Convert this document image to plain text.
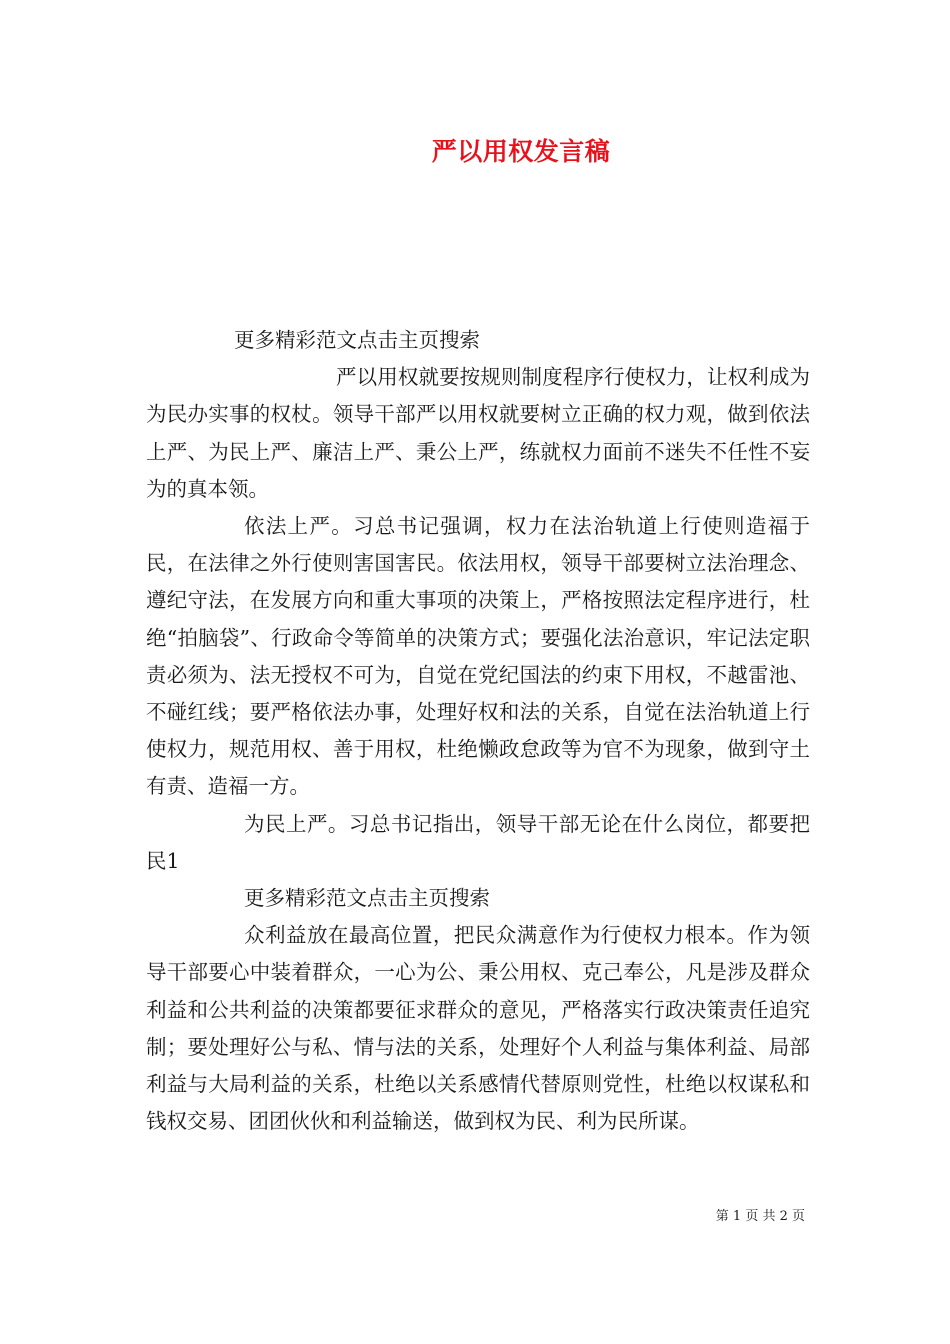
严以用权发言稿

更多精彩范文点击主页搜索

严以用权就要按规则制度程序行使权力，让权利成为为民办实事的权杖。领导干部严以用权就要树立正确的权力观，做到依法上严、为民上严、廉洁上严、秉公上严，练就权力面前不迷失不任性不妄为的真本领。

依法上严。习总书记强调，权力在法治轨道上行使则造福于民，在法律之外行使则害国害民。依法用权，领导干部要树立法治理念、遵纪守法，在发展方向和重大事项的决策上，严格按照法定程序进行，杜绝“拍脑袋”、行政命令等简单的决策方式；要强化法治意识，牢记法定职责必须为、法无授权不可为，自觉在党纪国法的约束下用权，不越雷池、不碰红线；要严格依法办事，处理好权和法的关系，自觉在法治轨道上行使权力，规范用权、善于用权，杜绝懒政怠政等为官不为现象，做到守土有责、造福一方。

为民上严。习总书记指出，领导干部无论在什么岗位，都要把民1

更多精彩范文点击主页搜索

众利益放在最高位置，把民众满意作为行使权力根本。作为领导干部要心中装着群众，一心为公、秉公用权、克己奉公，凡是涉及群众利益和公共利益的决策都要征求群众的意见，严格落实行政决策责任追究制；要处理好公与私、情与法的关系，处理好个人利益与集体利益、局部利益与大局利益的关系，杜绝以关系感情代替原则党性，杜绝以权谋私和钱权交易、团团伙伙和利益输送，做到权为民、利为民所谋。

第 1 页 共 2 页
